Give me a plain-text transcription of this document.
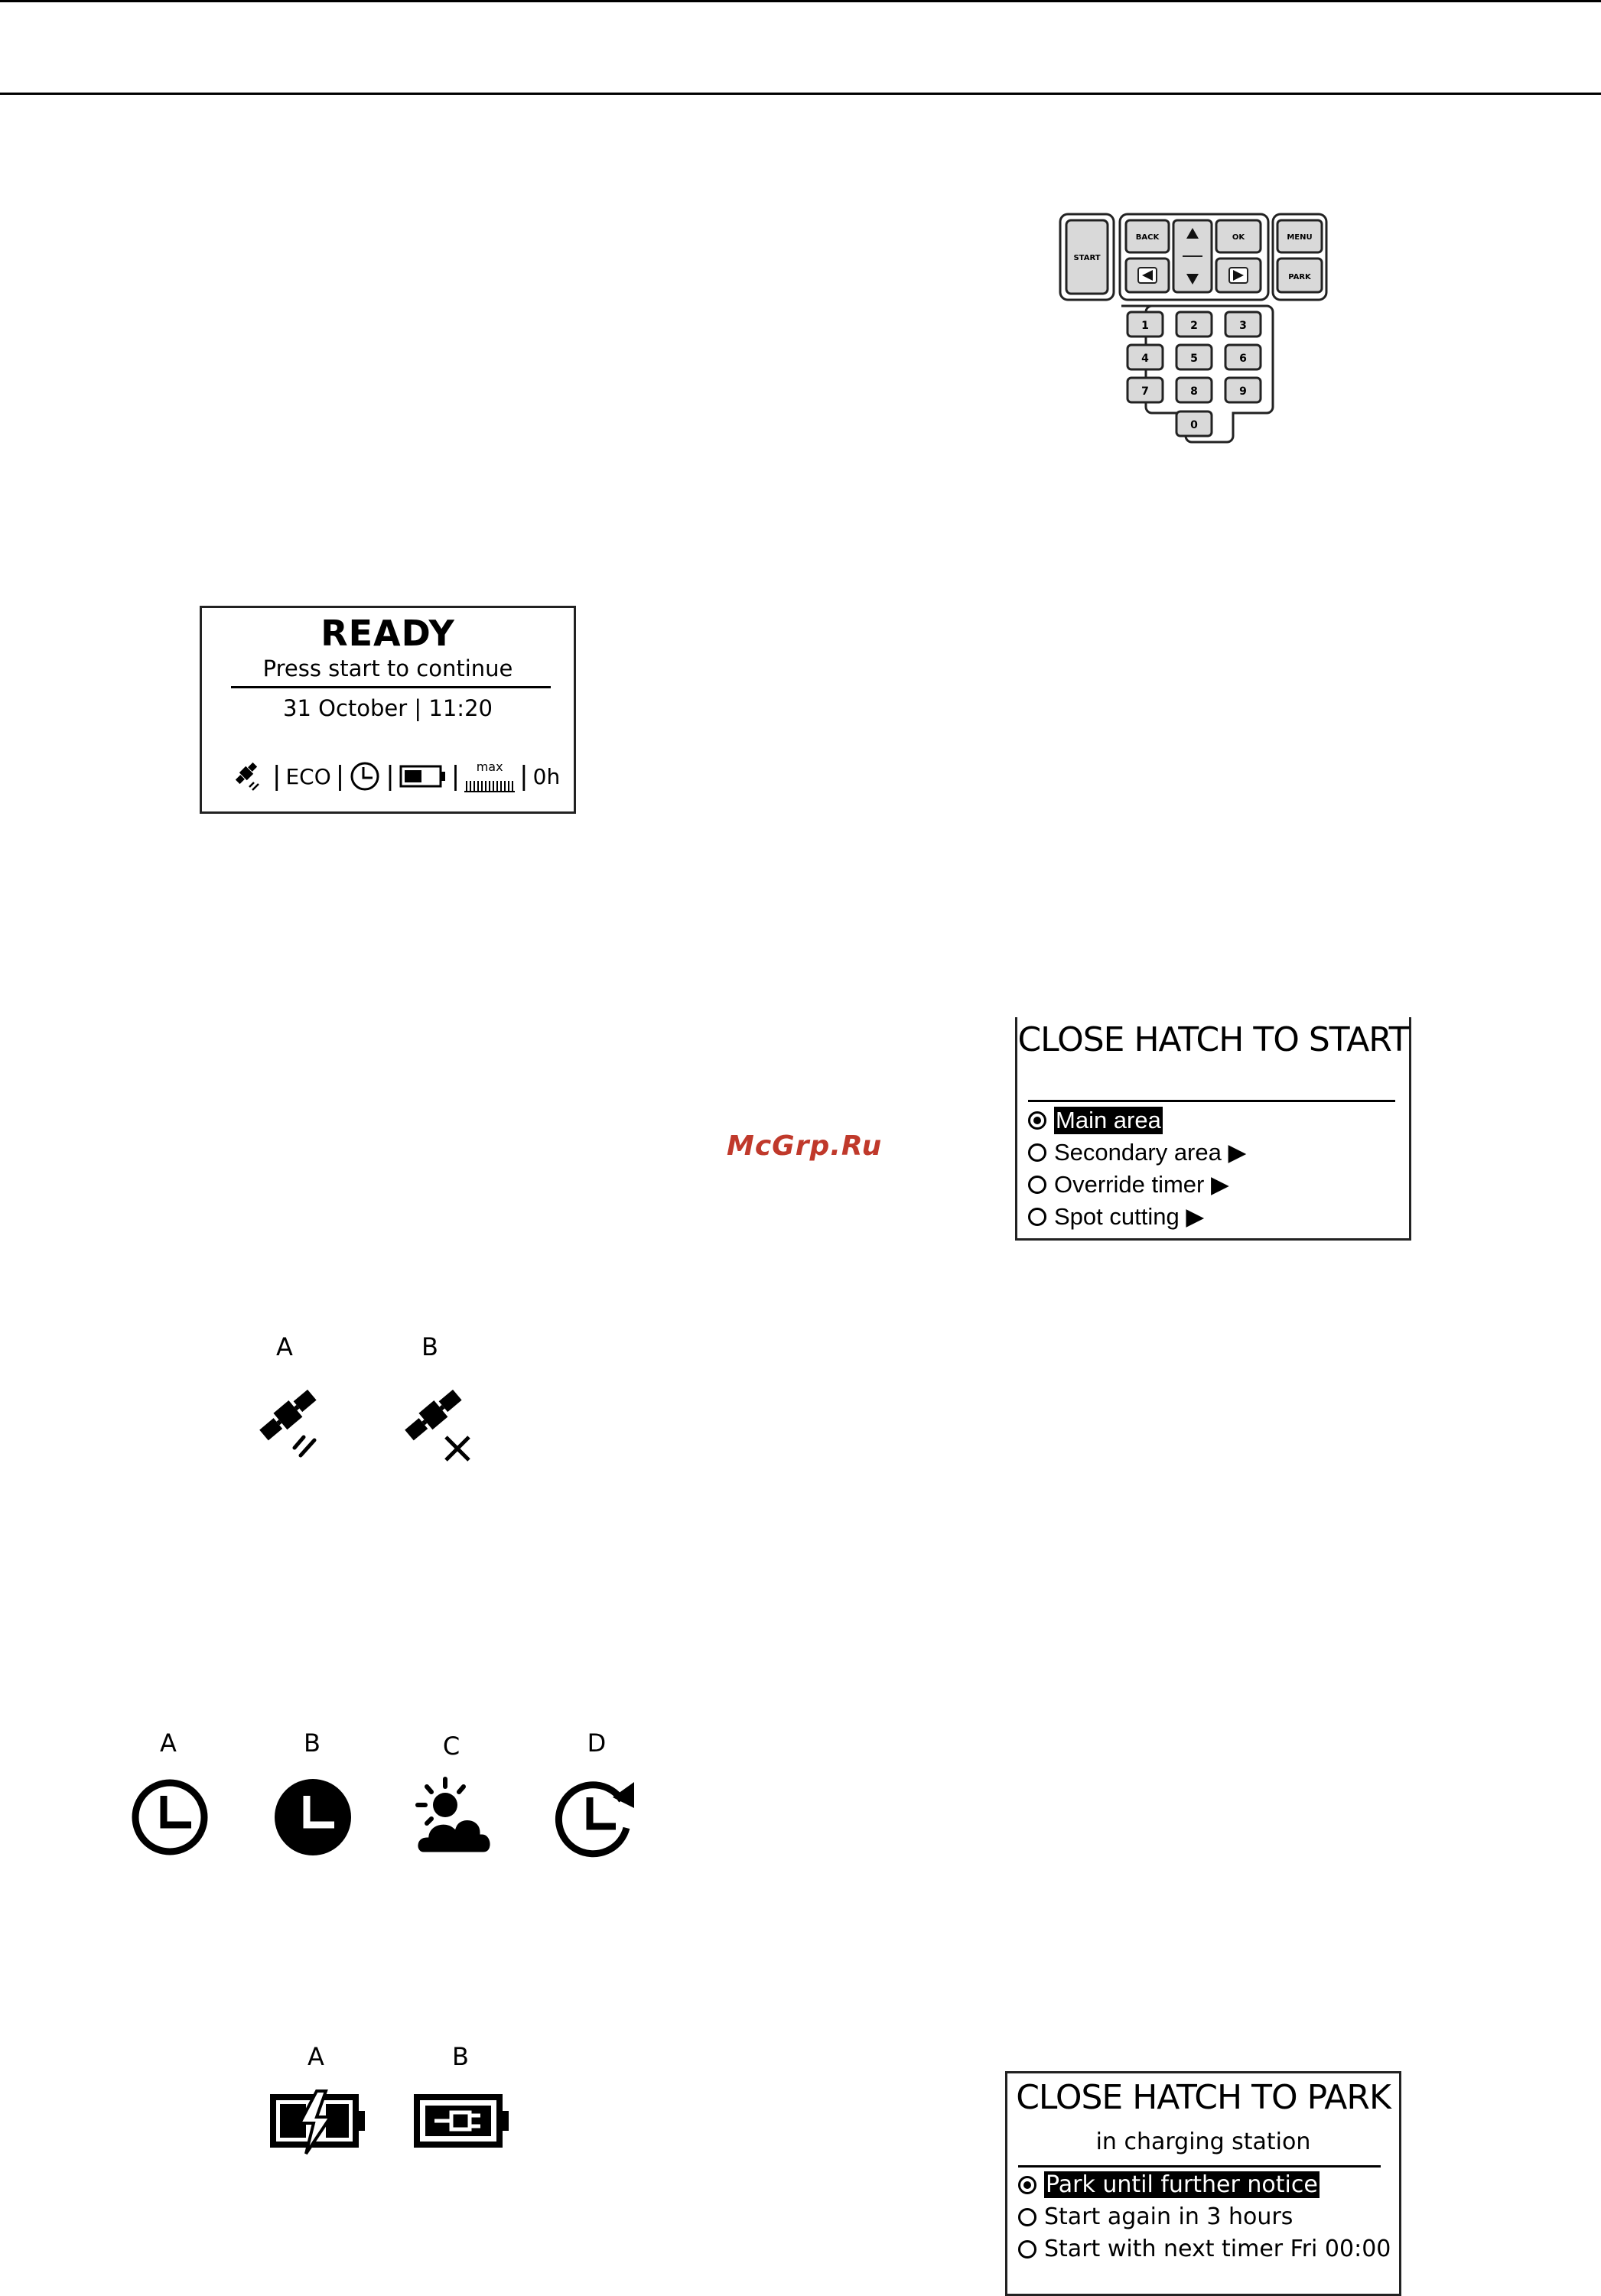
START
BACK	OK	MENU
PARK
1	2	3
4	5	6
7	8	9
0
READY
Press start to continue
31 October | 11:20
| ECO | | |	max | 0h
CLOSE HATCH TO START
Main area
Secondary area
▶
Override timer
▶
Spot cutting
▶
McGrp.Ru
A	B
A	B	C	D
A	B
CLOSE HATCH TO PARK
in charging station
Park until further notice
Start again in 3 hours
Start with next timer Fri 00:00
